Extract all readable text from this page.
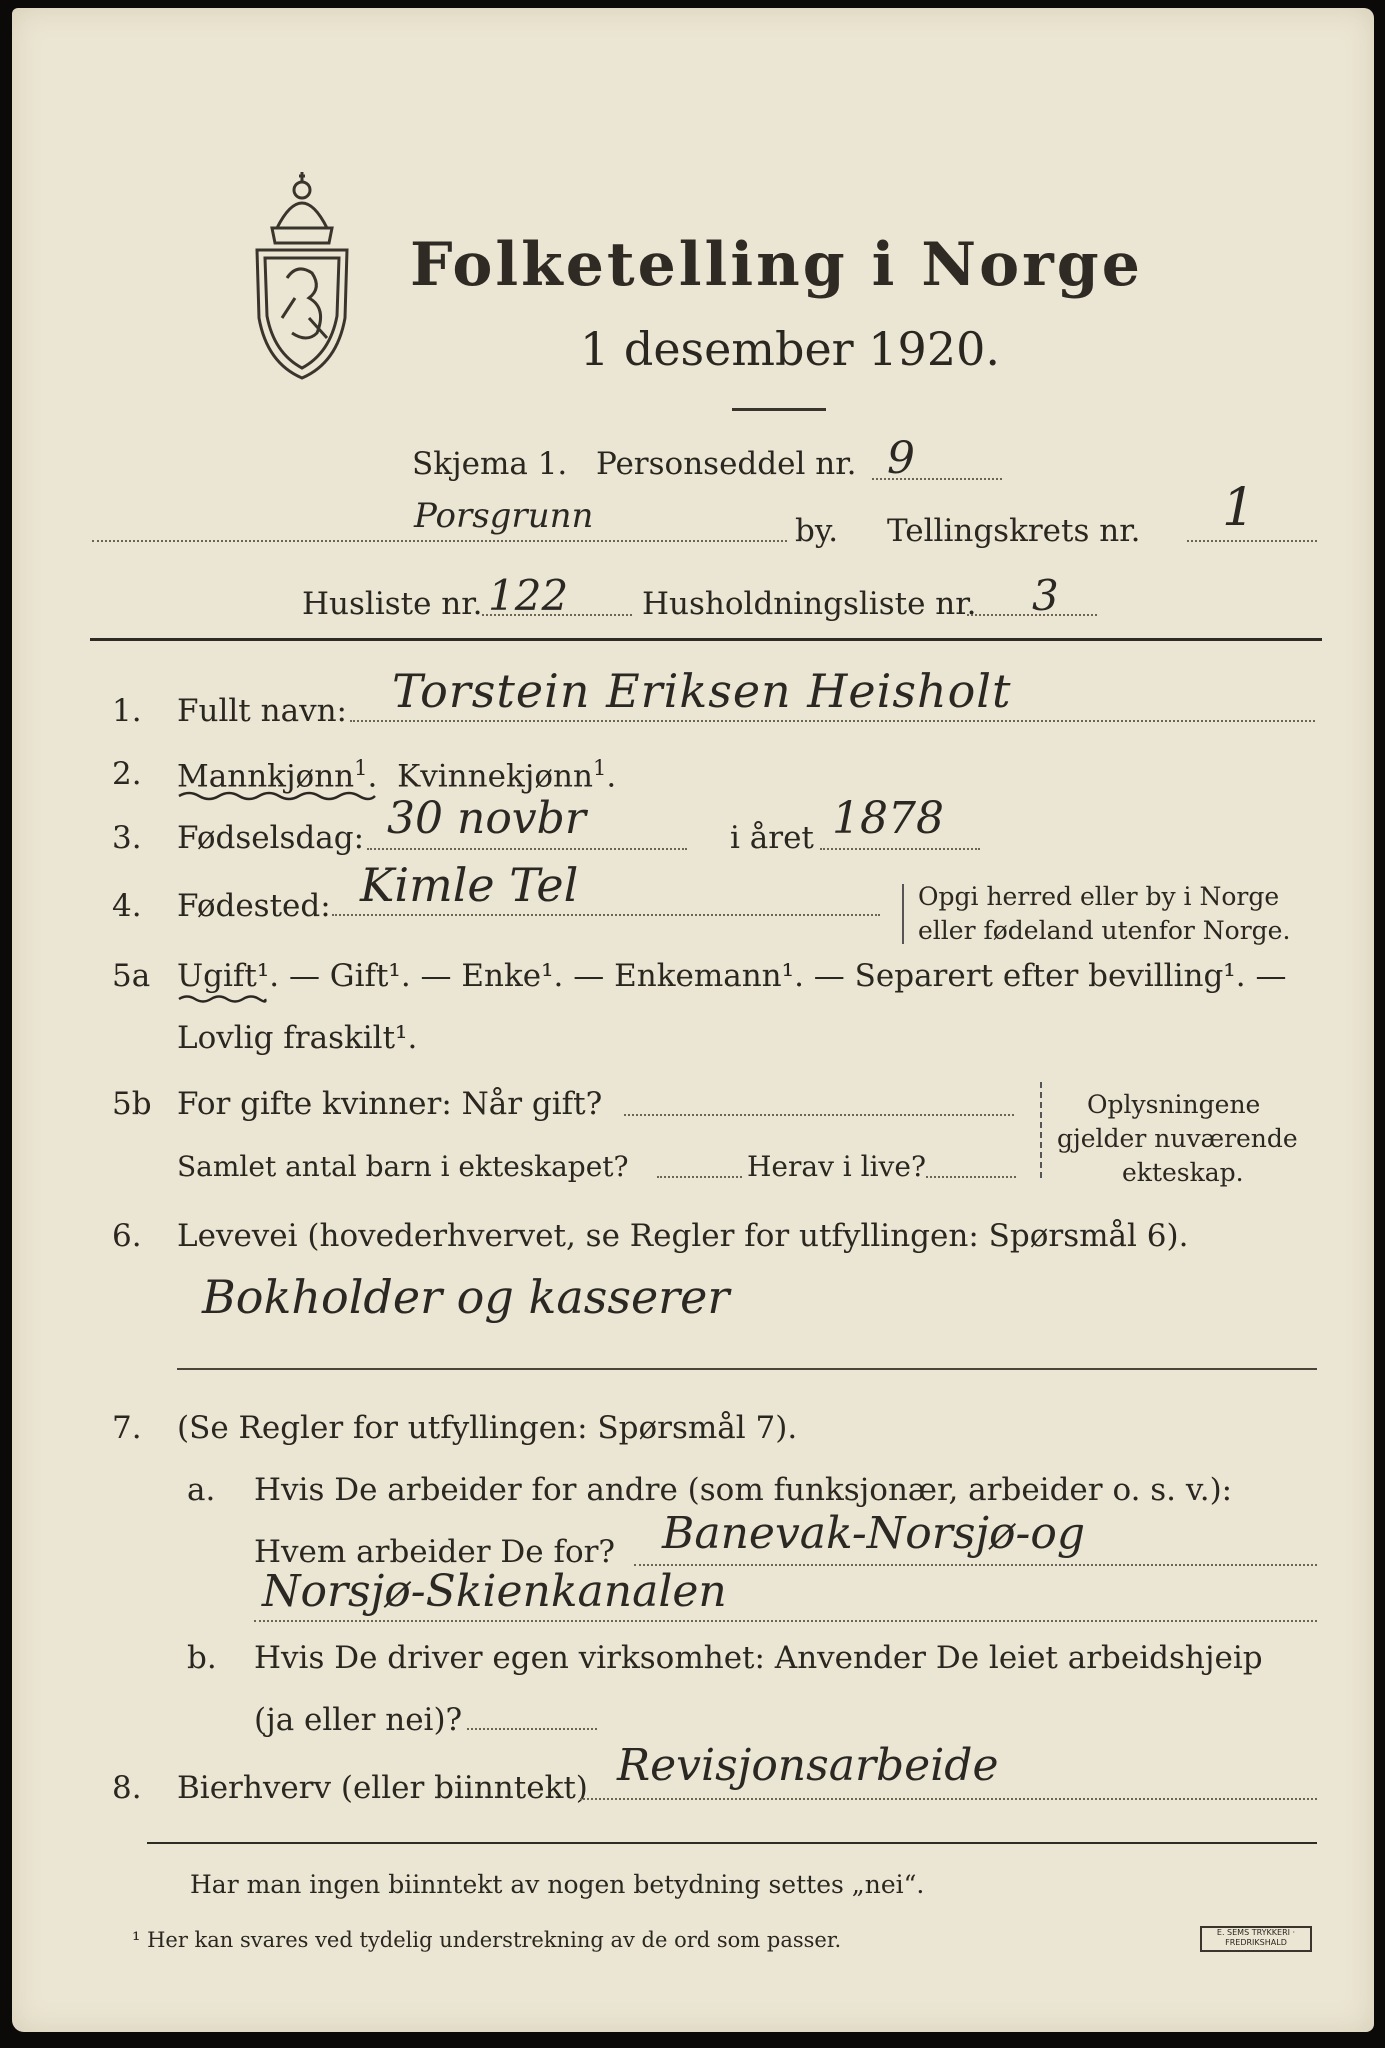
Folketelling i Norge
1 desember 1920.
Skjema 1. Personseddel nr. 9
Porsgrunn	by. Tellingskrets nr. 1
Husliste nr. 122 Husholdningsliste nr. 3
1. Fullt navn: Torstein Eriksen Heisholt
2. Mannkjønn$^1$.  Kvinnekjønn$^1$.
3. Fødselsdag: 30 novbr	i året 1878
4. Fødested: Kimle Tel	Opgi herred eller by i Norge
eller fødeland utenfor Norge.
5a Ugift¹. — Gift¹. — Enke¹. — Enkemann¹. — Separert efter bevilling¹. —
Lovlig fraskilt¹.
5b For gifte kvinner: Når gift?
Samlet antal barn i ekteskapet?	Herav i live?
Oplysningene
gjelder nuværende
ekteskap.
6. Levevei (hovederhvervet, se Regler for utfyllingen: Spørsmål 6).
Bokholder og kasserer
7. (Se Regler for utfyllingen: Spørsmål 7).
a. Hvis De arbeider for andre (som funksjonær, arbeider o. s. v.):
Hvem arbeider De for? Banevak-Norsjø-og
Norsjø-Skienkanalen
b. Hvis De driver egen virksomhet: Anvender De leiet arbeidshjeip
(ja eller nei)?
8. Bierhverv (eller biinntekt) Revisjonsarbeide
Har man ingen biinntekt av nogen betydning settes „nei“.
¹ Her kan svares ved tydelig understrekning av de ord som passer.	E. SEMS TRYKKERI · FREDRIKSHALD
